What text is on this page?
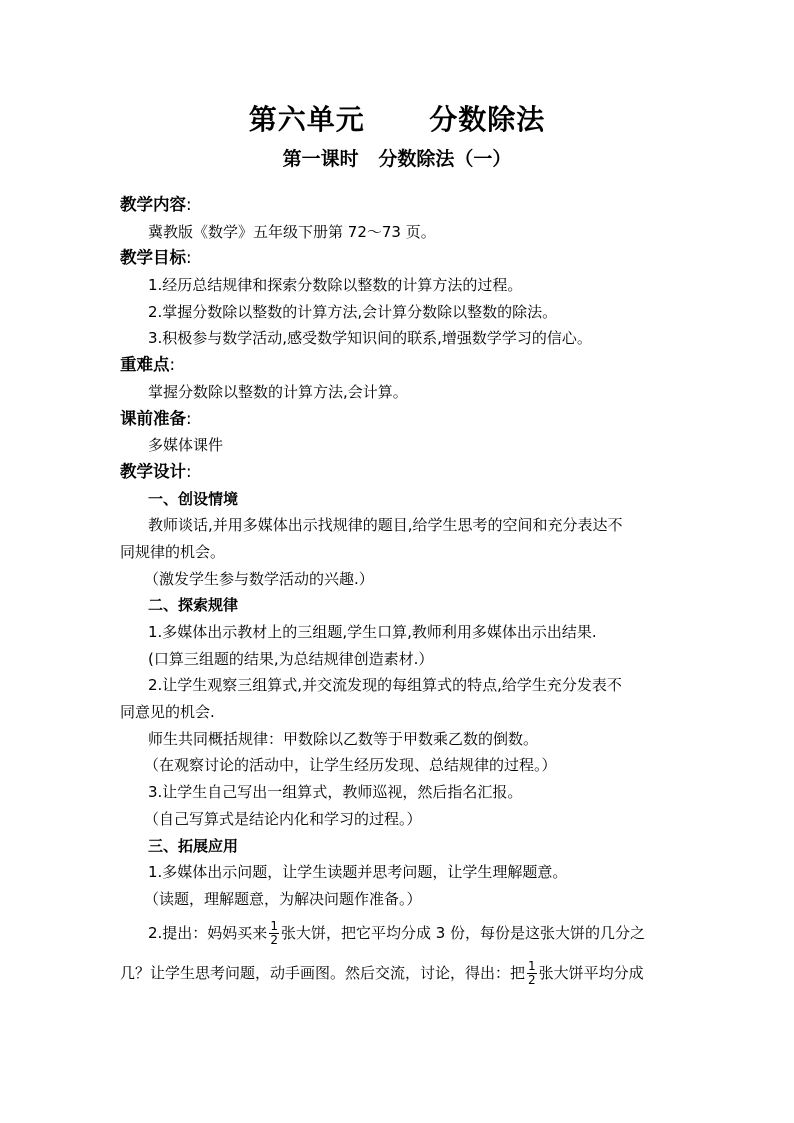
第六单元      分数除法
第一课时   分数除法（一）
教学内容:
冀教版《数学》五年级下册第 72～73 页。
教学目标:
1.经历总结规律和探索分数除以整数的计算方法的过程。
2.掌握分数除以整数的计算方法,会计算分数除以整数的除法。
3.积极参与数学活动,感受数学知识间的联系,增强数学学习的信心。
重难点:
掌握分数除以整数的计算方法,会计算。
课前准备:
多媒体课件
教学设计:
一、创设情境
教师谈话,并用多媒体出示找规律的题目,给学生思考的空间和充分表达不
同规律的机会。
（激发学生参与数学活动的兴趣.）
二、探索规律
1.多媒体出示教材上的三组题,学生口算,教师利用多媒体出示出结果.
(口算三组题的结果,为总结规律创造素材.）
2.让学生观察三组算式,并交流发现的每组算式的特点,给学生充分发表不
同意见的机会.
师生共同概括规律：甲数除以乙数等于甲数乘乙数的倒数。
（在观察讨论的活动中，让学生经历发现、总结规律的过程。）
3.让学生自己写出一组算式，教师巡视，然后指名汇报。
（自己写算式是结论内化和学习的过程。）
三、拓展应用
1.多媒体出示问题，让学生读题并思考问题，让学生理解题意。
（读题，理解题意，为解决问题作准备。）
2.提出：妈妈买来 $\frac{1}{2}$ 张大饼，把它平均分成 3 份，每份是这张大饼的几分之
几？让学生思考问题，动手画图。然后交流，讨论，得出：把 $\frac{1}{2}$ 张大饼平均分成
